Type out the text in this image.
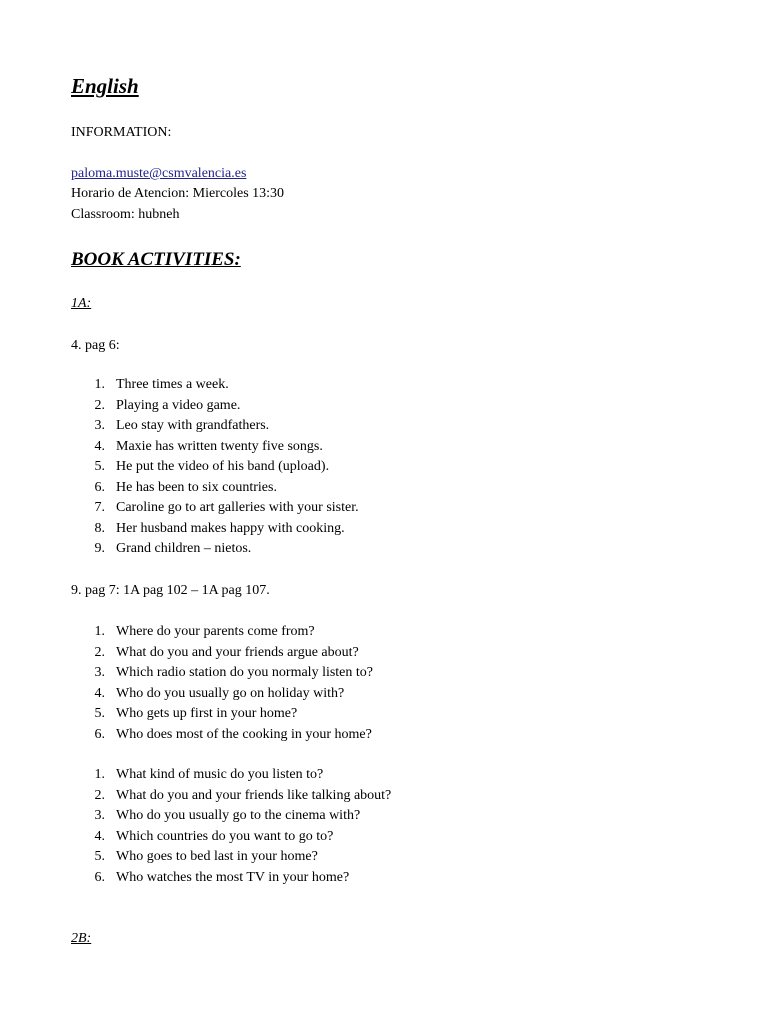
English
INFORMATION:
paloma.muste@csmvalencia.es
Horario de Atencion: Miercoles 13:30
Classroom: hubneh
BOOK ACTIVITIES:
1A:
4. pag 6:
1. Three times a week.
2. Playing a video game.
3. Leo stay with grandfathers.
4. Maxie has written twenty five songs.
5. He put the video of his band (upload).
6. He has been to six countries.
7. Caroline go to art galleries with your sister.
8. Her husband makes happy with cooking.
9. Grand children – nietos.
9. pag 7: 1A pag 102 – 1A pag 107.
1. Where do your parents come from?
2. What do you and your friends argue about?
3. Which radio station do you normaly listen to?
4. Who do you usually go on holiday with?
5. Who gets up first in your home?
6. Who does most of the cooking in your home?
1. What kind of music do you listen to?
2. What do you and your friends like talking about?
3. Who do you usually go to the cinema with?
4. Which countries do you want to go to?
5. Who goes to bed last in your home?
6. Who watches the most TV in your home?
2B:
